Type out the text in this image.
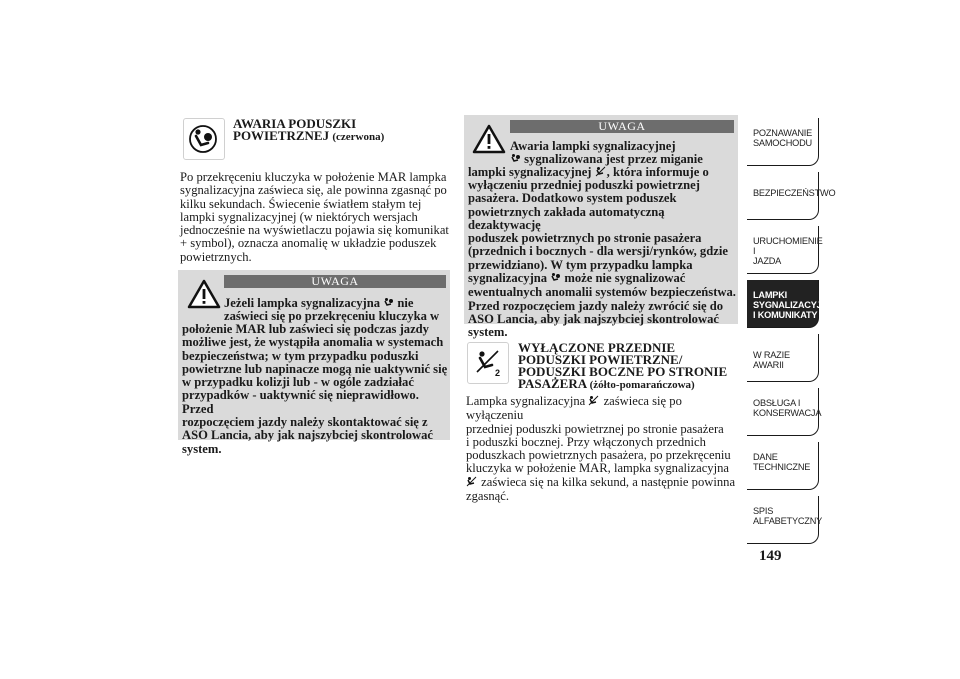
AWARIA PODUSZKI
POWIETRZNEJ (czerwona)

Po przekręceniu kluczyka w położenie MAR lampka

sygnalizacyjna zaświeca się, ale powinna zgasnąć po

kilku sekundach. Świecenie światłem stałym tej

lampki sygnalizacyjnej (w niektórych wersjach

jednocześnie na wyświetlaczu pojawia się komunikat

+ symbol), oznacza anomalię w układzie poduszek

powietrznych.

UWAGA
Jeżeli lampka sygnalizacyjna nie
zaświeci się po przekręceniu kluczyka w

położenie MAR lub zaświeci się podczas jazdy

możliwe jest, że wystąpiła anomalia w systemach

bezpieczeństwa; w tym przypadku poduszki

powietrzne lub napinacze mogą nie uaktywnić się

w przypadku kolizji lub - w ogóle zadziałać

przypadków - uaktywnić się nieprawidłowo. Przed

rozpoczęciem jazdy należy skontaktować się z

ASO Lancia, aby jak najszybciej skontrolować

system.

UWAGA
Awaria lampki sygnalizacyjnej
sygnalizowana jest przez miganie
lampki sygnalizacyjnej , która informuje o

wyłączeniu przedniej poduszki powietrznej

pasażera. Dodatkowo system poduszek

powietrznych zakłada automatyczną dezaktywację

poduszek powietrznych po stronie pasażera

(przednich i bocznych - dla wersji/rynków, gdzie

przewidziano). W tym przypadku lampka

sygnalizacyjna może nie sygnalizować

ewentualnych anomalii systemów bezpieczeństwa.

Przed rozpoczęciem jazdy należy zwrócić się do

ASO Lancia, aby jak najszybciej skontrolować

system.

2
WYŁĄCZONE PRZEDNIE
PODUSZKI POWIETRZNE/
PODUSZKI BOCZNE PO STRONIE
PASAŻERA (żółto-pomarańczowa)

Lampka sygnalizacyjna zaświeca się po wyłączeniu

przedniej poduszki powietrznej po stronie pasażera

i poduszki bocznej. Przy włączonych przednich

poduszkach powietrznych pasażera, po przekręceniu

kluczyka w położenie MAR, lampka sygnalizacyjna

zaświeca się na kilka sekund, a następnie powinna

zgasnąć.

POZNAWANIE
SAMOCHODU
BEZPIECZEŃSTWO
URUCHOMIENIE I
JAZDA
LAMPKI
SYGNALIZACYJNE
I KOMUNIKATY
W RAZIE AWARII
OBSŁUGA I
KONSERWACJA
DANE
TECHNICZNE
SPIS
ALFABETYCZNY
149
